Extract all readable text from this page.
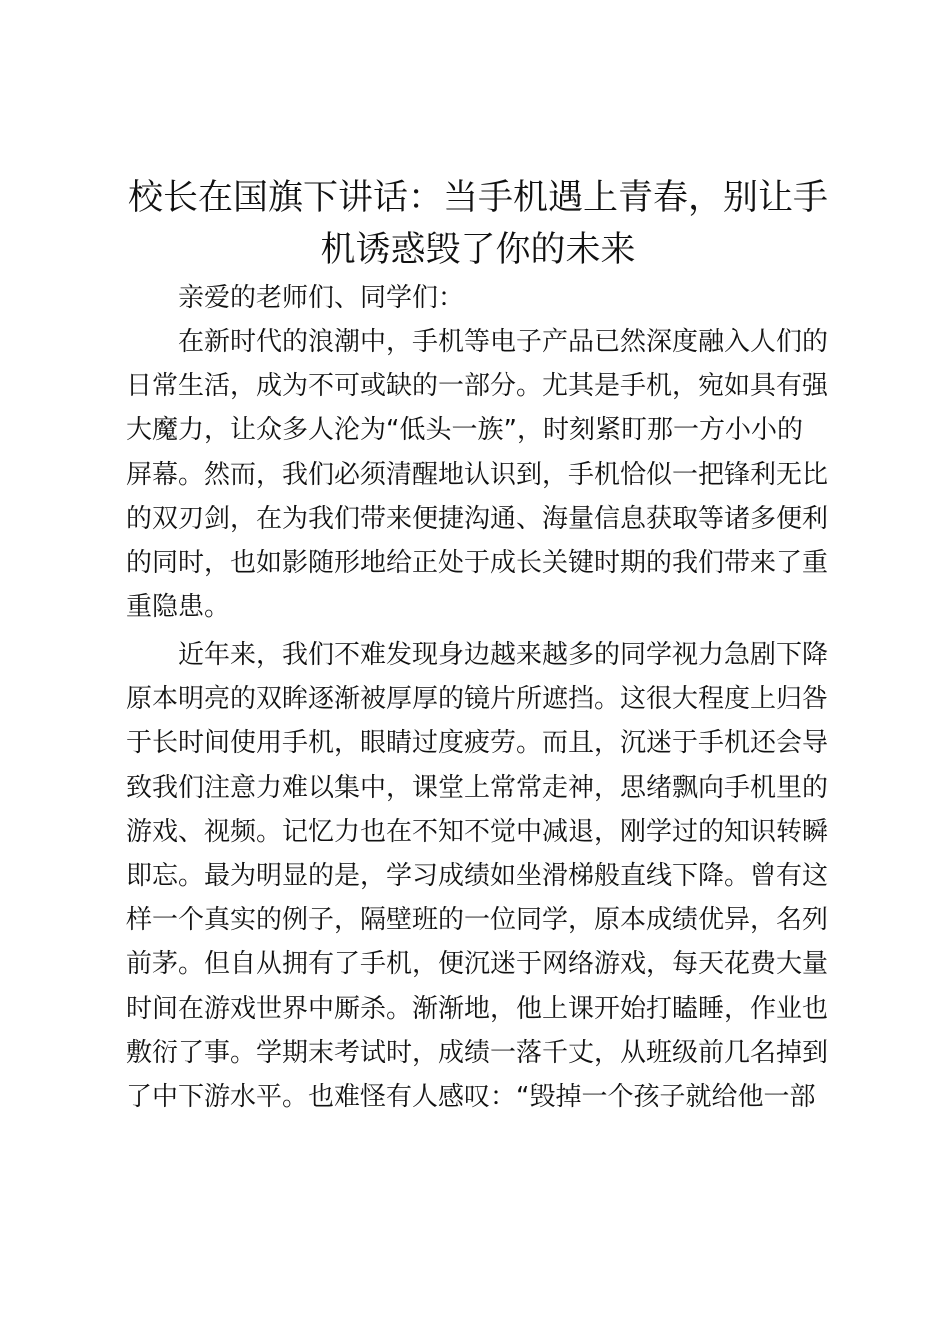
校长在国旗下讲话：当手机遇上青春，别让手
机诱惑毁了你的未来
亲爱的老师们、同学们：
在新时代的浪潮中，手机等电子产品已然深度融入人们的
日常生活，成为不可或缺的一部分。尤其是手机，宛如具有强
大魔力，让众多人沦为“低头一族”，时刻紧盯那一方小小的
屏幕。然而，我们必须清醒地认识到，手机恰似一把锋利无比
的双刃剑，在为我们带来便捷沟通、海量信息获取等诸多便利
的同时，也如影随形地给正处于成长关键时期的我们带来了重
重隐患。
近年来，我们不难发现身边越来越多的同学视力急剧下降
原本明亮的双眸逐渐被厚厚的镜片所遮挡。这很大程度上归咎
于长时间使用手机，眼睛过度疲劳。而且，沉迷于手机还会导
致我们注意力难以集中，课堂上常常走神，思绪飘向手机里的
游戏、视频。记忆力也在不知不觉中减退，刚学过的知识转瞬
即忘。最为明显的是，学习成绩如坐滑梯般直线下降。曾有这
样一个真实的例子，隔壁班的一位同学，原本成绩优异，名列
前茅。但自从拥有了手机，便沉迷于网络游戏，每天花费大量
时间在游戏世界中厮杀。渐渐地，他上课开始打瞌睡，作业也
敷衍了事。学期末考试时，成绩一落千丈，从班级前几名掉到
了中下游水平。也难怪有人感叹：“毁掉一个孩子就给他一部
